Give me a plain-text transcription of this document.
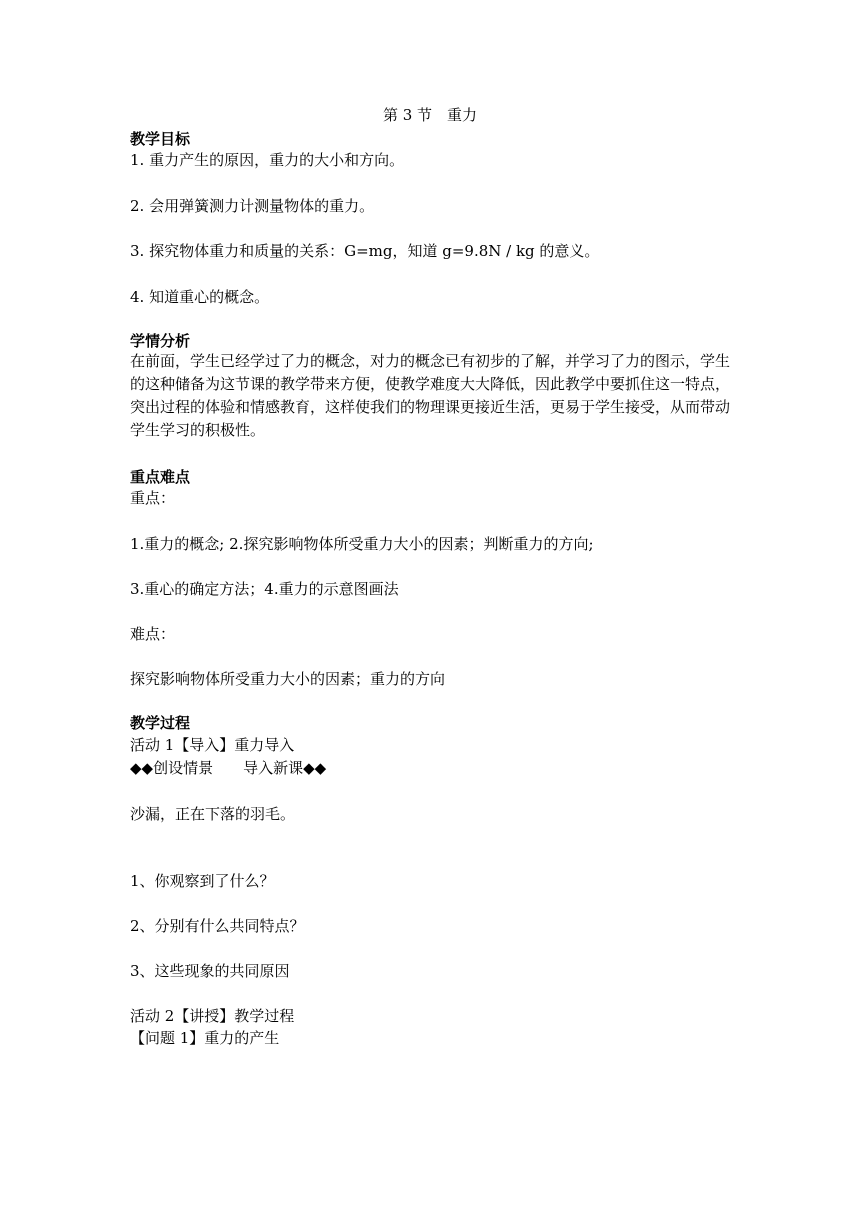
第 3 节　重力
教学目标
1. 重力产生的原因，重力的大小和方向。
2. 会用弹簧测力计测量物体的重力。
3. 探究物体重力和质量的关系：G=mg，知道 g=9.8N / kg 的意义。
4. 知道重心的概念。
学情分析
在前面，学生已经学过了力的概念，对力的概念已有初步的了解，并学习了力的图示，学生的这种储备为这节课的教学带来方便，使教学难度大大降低，因此教学中要抓住这一特点，突出过程的体验和情感教育，这样使我们的物理课更接近生活，更易于学生接受，从而带动学生学习的积极性。
重点难点
重点：
1.重力的概念; 2.探究影响物体所受重力大小的因素；判断重力的方向;
3.重心的确定方法；4.重力的示意图画法
难点：
探究影响物体所受重力大小的因素；重力的方向
教学过程
活动 1【导入】重力导入
◆◆创设情景　　导入新课◆◆
沙漏，正在下落的羽毛。
1、你观察到了什么？
2、分别有什么共同特点？
3、这些现象的共同原因
活动 2【讲授】教学过程
【问题 1】重力的产生
